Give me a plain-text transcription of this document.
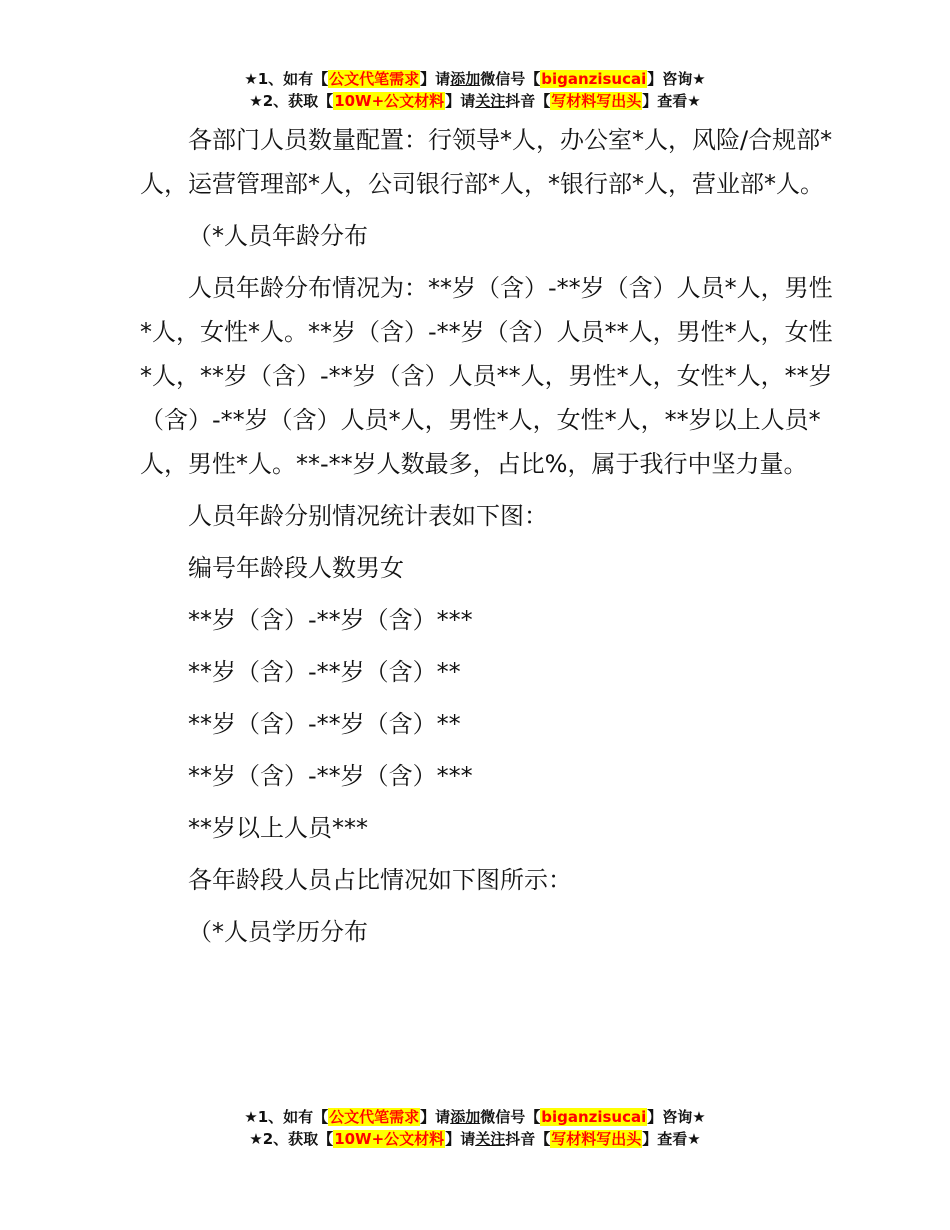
★1、如有【公文代笔需求】请添加微信号【biganzisucai】咨询★
★2、获取【10W+公文材料】请关注抖音【写材料写出头】查看★

各部门人员数量配置：行领导*人，办公室*人，风险/合规部*人，运营管理部*人，公司银行部*人，*银行部*人，营业部*人。

（*人员年龄分布

人员年龄分布情况为：**岁（含）-**岁（含）人员*人，男性*人，女性*人。**岁（含）-**岁（含）人员**人，男性*人，女性*人，**岁（含）-**岁（含）人员**人，男性*人，女性*人，**岁（含）-**岁（含）人员*人，男性*人，女性*人，**岁以上人员*人，男性*人。**-**岁人数最多，占比%，属于我行中坚力量。

人员年龄分别情况统计表如下图：

编号年龄段人数男女

**岁（含）-**岁（含）***

**岁（含）-**岁（含）**

**岁（含）-**岁（含）**

**岁（含）-**岁（含）***

**岁以上人员***

各年龄段人员占比情况如下图所示：

（*人员学历分布

★1、如有【公文代笔需求】请添加微信号【biganzisucai】咨询★
★2、获取【10W+公文材料】请关注抖音【写材料写出头】查看★
